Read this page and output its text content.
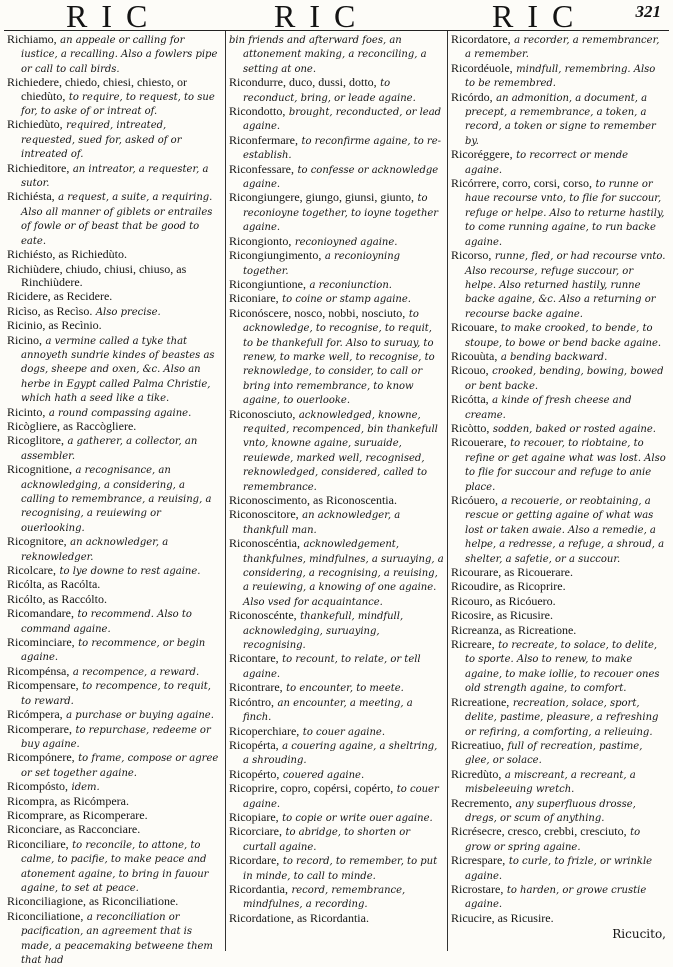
RIC	RIC	RIC	321

Richiamo, an appeale or calling for iustice, a recalling. Also a fowlers pipe or call to call birds.

Richiedere, chiedo, chiesi, chiesto, or chiedùto, to require, to request, to sue for, to aske of or intreat of.

Richiedùto, required, intreated, requested, sued for, asked of or intreated of.

Richieditore, an intreator, a requester, a sutor.

Richiésta, a request, a suite, a requiring. Also all manner of giblets or entrailes of fowle or of beast that be good to eate.

Richiésto, as Richiedùto.

Richiùdere, chiudo, chiusi, chiuso, as Rinchiùdere.

Ricidere, as Recidere.

Ricìso, as Recìso. Also precise.

Ricinio, as Recìnio.

Ricino, a vermine called a tyke that annoyeth sundrie kindes of beastes as dogs, sheepe and oxen, &c. Also an herbe in Egypt called Palma Christie, which hath a seed like a tike.

Ricinto, a round compassing againe.

Ricògliere, as Raccògliere.

Ricoglitore, a gatherer, a collector, an assembler.

Ricognitione, a recognisance, an acknowledging, a considering, a calling to remembrance, a reuising, a recognising, a reuiewing or ouerlooking.

Ricognitore, an acknowledger, a reknowledger.

Ricolcare, to lye downe to rest againe.

Ricólta, as Racólta.

Ricólto, as Raccólto.

Ricomandare, to recommend. Also to command againe.

Ricominciare, to recommence, or begin againe.

Ricompénsa, a recompence, a reward.

Ricompensare, to recompence, to requit, to reward.

Ricómpera, a purchase or buying againe.

Ricomperare, to repurchase, redeeme or buy againe.

Ricompónere, to frame, compose or agree or set together againe.

Ricompósto, idem.

Ricompra, as Ricómpera.

Ricomprare, as Ricomperare.

Riconciare, as Racconciare.

Riconciliare, to reconcile, to attone, to calme, to pacifie, to make peace and atonement againe, to bring in fauour againe, to set at peace.

Riconciliagione, as Riconciliatione.

Riconciliatione, a reconciliation or pacification, an agreement that is made, a peacemaking betweene them that had

bin friends and afterward foes, an attonement making, a reconciling, a setting at one.

Ricondurre, duco, dussi, dotto, to reconduct, bring, or leade againe.

Ricondotto, brought, reconducted, or lead againe.

Riconfermare, to reconfirme againe, to re-establish.

Riconfessare, to confesse or acknowledge againe.

Ricongiungere, giungo, giunsi, giunto, to reconioyne together, to ioyne together againe.

Ricongionto, reconioyned againe.

Ricongiungimento, a reconioyning together.

Ricongiuntione, a reconiunction.

Riconiare, to coine or stamp againe.

Riconóscere, nosco, nobbi, nosciuto, to acknowledge, to recognise, to requit, to be thankefull for. Also to suruay, to renew, to marke well, to recognise, to reknowledge, to consider, to call or bring into remembrance, to know againe, to ouerlooke.

Riconosciuto, acknowledged, knowne, requited, recompenced, bin thankefull vnto, knowne againe, suruaide, reuiewde, marked well, recognised, reknowledged, considered, called to remembrance.

Riconoscimento, as Riconoscentia.

Riconoscitore, an acknowledger, a thankfull man.

Riconoscéntia, acknowledgement, thankfulnes, mindfulnes, a suruaying, a considering, a recognising, a reuising, a reuiewing, a knowing of one againe. Also vsed for acquaintance.

Riconoscénte, thankefull, mindfull, acknowledging, suruaying, recognising.

Ricontare, to recount, to relate, or tell againe.

Ricontrare, to encounter, to meete.

Ricóntro, an encounter, a meeting, a finch.

Ricoperchiare, to couer againe.

Ricopérta, a couering againe, a sheltring, a shrouding.

Ricopérto, couered againe.

Ricoprire, copro, copérsi, copérto, to couer againe.

Ricopiare, to copie or write ouer againe.

Ricorciare, to abridge, to shorten or curtall againe.

Ricordare, to record, to remember, to put in minde, to call to minde.

Ricordantia, record, remembrance, mindfulnes, a recording.

Ricordatione, as Ricordantia.

Ricordatore, a recorder, a remembrancer, a remember.

Ricordéuole, mindfull, remembring. Also to be remembred.

Ricórdo, an admonition, a document, a precept, a remembrance, a token, a record, a token or signe to remember by.

Ricoréggere, to recorrect or mende againe.

Ricórrere, corro, corsi, corso, to runne or haue recourse vnto, to flie for succour, refuge or helpe. Also to returne hastily, to come running againe, to run backe againe.

Ricorso, runne, fled, or had recourse vnto. Also recourse, refuge succour, or helpe. Also returned hastily, runne backe againe, &c. Also a returning or recourse backe againe.

Ricouare, to make crooked, to bende, to stoupe, to bowe or bend backe againe.

Ricouùta, a bending backward.

Ricouo, crooked, bending, bowing, bowed or bent backe.

Ricótta, a kinde of fresh cheese and creame.

Ricòtto, sodden, baked or rosted againe.

Ricouerare, to recouer, to riobtaine, to refine or get againe what was lost. Also to flie for succour and refuge to anie place.

Ricóuero, a recouerie, or reobtaining, a rescue or getting againe of what was lost or taken awaie. Also a remedie, a helpe, a redresse, a refuge, a shroud, a shelter, a safetie, or a succour.

Ricourare, as Ricouerare.

Ricoudire, as Ricoprire.

Ricouro, as Ricóuero.

Ricosire, as Ricusire.

Ricreanza, as Ricreatione.

Ricreare, to recreate, to solace, to delite, to sporte. Also to renew, to make againe, to make iollie, to recouer ones old strength againe, to comfort.

Ricreatione, recreation, solace, sport, delite, pastime, pleasure, a refreshing or refiring, a comforting, a relieuing.

Ricreatiuo, full of recreation, pastime, glee, or solace.

Ricredùto, a miscreant, a recreant, a misbeleeuing wretch.

Recremento, any superfluous drosse, dregs, or scum of anything.

Ricrésecre, cresco, crebbi, cresciuto, to grow or spring againe.

Ricrespare, to curle, to frizle, or wrinkle againe.

Ricrostare, to harden, or growe crustie againe.

Ricucire, as Ricusire.

Ricucito,
